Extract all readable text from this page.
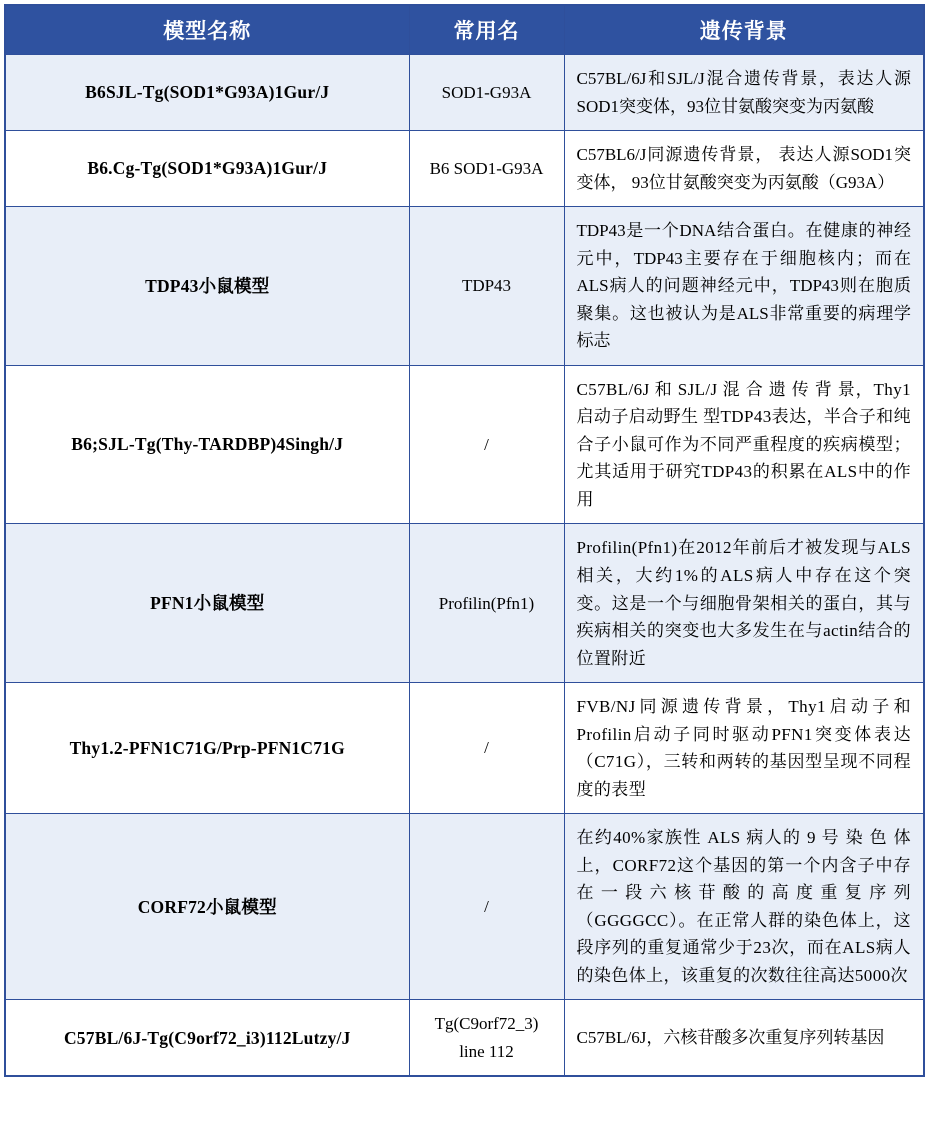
模型名称	常用名	遗传背景
B6SJL-Tg(SOD1*G93A)1Gur/J	SOD1-G93A	C57BL/6J和SJL/J混合遗传背景，表达人源SOD1突变体，93位甘氨酸突变为丙氨酸
B6.Cg-Tg(SOD1*G93A)1Gur/J	B6 SOD1-G93A	C57BL6/J同源遗传背景， 表达人源SOD1突变体， 93位甘氨酸突变为丙氨酸（G93A）
TDP43小鼠模型	TDP43	TDP43是一个DNA结合蛋白。在健康的神经元中，TDP43主要存在于细胞核内；而在ALS病人的问题神经元中，TDP43则在胞质聚集。这也被认为是ALS非常重要的病理学标志
B6;SJL-Tg(Thy-TARDBP)4Singh/J	/	C57BL/6J 和 SJL/J 混 合 遗 传 背 景，Thy1启动子启动野生 型TDP43表达，半合子和纯合子小鼠可作为不同严重程度的疾病模型；尤其适用于研究TDP43的积累在ALS中的作用
PFN1小鼠模型	Profilin(Pfn1)	Profilin(Pfn1)在2012年前后才被发现与ALS相关，大约1%的ALS病人中存在这个突变。这是一个与细胞骨架相关的蛋白，其与疾病相关的突变也大多发生在与actin结合的位置附近
Thy1.2-PFN1C71G/Prp-PFN1C71G	/	FVB/NJ同源遗传背景，Thy1启动子和 Profilin启动子同时驱动PFN1突变体表达（C71G），三转和两转的基因型呈现不同程度的表型
CORF72小鼠模型	/	在约40%家族性 ALS 病人的 9 号 染 色 体 上，CORF72这个基因的第一个内含子中存在一段六核苷酸的高度重复序列（GGGGCC）。在正常人群的染色体上，这段序列的重复通常少于23次，而在ALS病人的染色体上，该重复的次数往往高达5000次
C57BL/6J-Tg(C9orf72_i3)112Lutzy/J	Tg(C9orf72_3) line 112	C57BL/6J，六核苷酸多次重复序列转基因
